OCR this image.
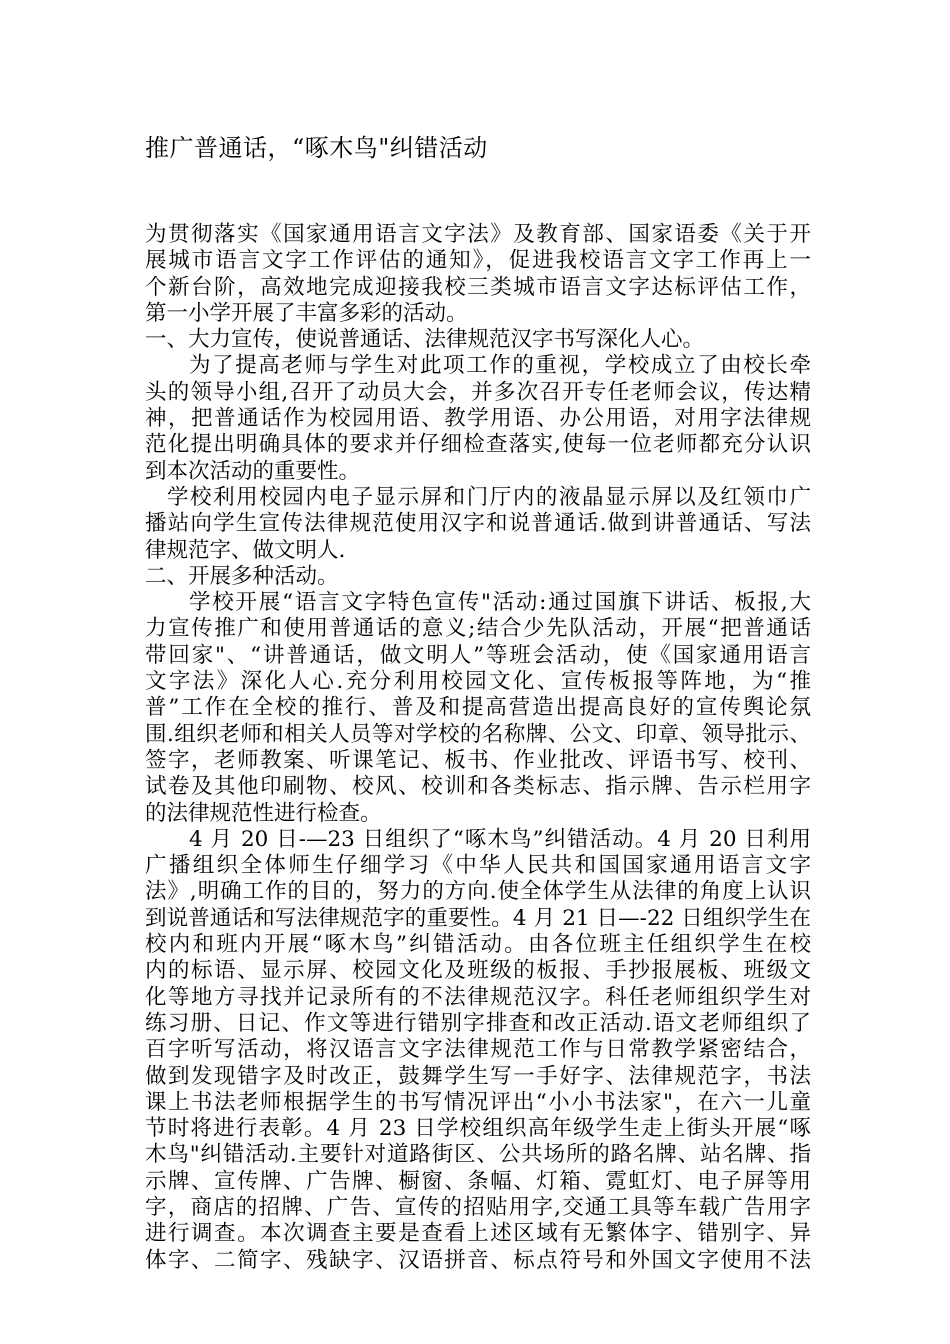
推广普通话，“啄木鸟"纠错活动
为贯彻落实《国家通用语言文字法》及教育部、国家语委《关于开
展城市语言文字工作评估的通知》，促进我校语言文字工作再上一
个新台阶，高效地完成迎接我校三类城市语言文字达标评估工作，
第一小学开展了丰富多彩的活动。
一、大力宣传，使说普通话、法律规范汉字书写深化人心。
为了提高老师与学生对此项工作的重视，学校成立了由校长牵
头的领导小组,召开了动员大会，并多次召开专任老师会议，传达精
神，把普通话作为校园用语、教学用语、办公用语，对用字法律规
范化提出明确具体的要求并仔细检查落实,使每一位老师都充分认识
到本次活动的重要性。
学校利用校园内电子显示屏和门厅内的液晶显示屏以及红领巾广
播站向学生宣传法律规范使用汉字和说普通话.做到讲普通话、写法
律规范字、做文明人.
二、开展多种活动。
学校开展“语言文字特色宣传"活动:通过国旗下讲话、板报,大
力宣传推广和使用普通话的意义;结合少先队活动，开展“把普通话
带回家"、“讲普通话，做文明人”等班会活动，使《国家通用语言
文字法》深化人心.充分利用校园文化、宣传板报等阵地，为“推
普”工作在全校的推行、普及和提高营造出提高良好的宣传舆论氛
围.组织老师和相关人员等对学校的名称牌、公文、印章、领导批示、
签字，老师教案、听课笔记、板书、作业批改、评语书写、校刊、
试卷及其他印刷物、校风、校训和各类标志、指示牌、告示栏用字
的法律规范性进行检查。
4 月 20 日-—23 日组织了“啄木鸟”纠错活动。4 月 20 日利用
广播组织全体师生仔细学习《中华人民共和国国家通用语言文字
法》,明确工作的目的，努力的方向.使全体学生从法律的角度上认识
到说普通话和写法律规范字的重要性。4 月 21 日—-22 日组织学生在
校内和班内开展“啄木鸟”纠错活动。由各位班主任组织学生在校
内的标语、显示屏、校园文化及班级的板报、手抄报展板、班级文
化等地方寻找并记录所有的不法律规范汉字。科任老师组织学生对
练习册、日记、作文等进行错别字排查和改正活动.语文老师组织了
百字听写活动，将汉语言文字法律规范工作与日常教学紧密结合，
做到发现错字及时改正，鼓舞学生写一手好字、法律规范字，书法
课上书法老师根据学生的书写情况评出“小小书法家"，在六一儿童
节时将进行表彰。4 月 23 日学校组织高年级学生走上街头开展“啄
木鸟"纠错活动.主要针对道路街区、公共场所的路名牌、站名牌、指
示牌、宣传牌、广告牌、橱窗、条幅、灯箱、霓虹灯、电子屏等用
字，商店的招牌、广告、宣传的招贴用字,交通工具等车载广告用字
进行调查。本次调查主要是查看上述区域有无繁体字、错别字、异
体字、二简字、残缺字、汉语拼音、标点符号和外国文字使用不法
